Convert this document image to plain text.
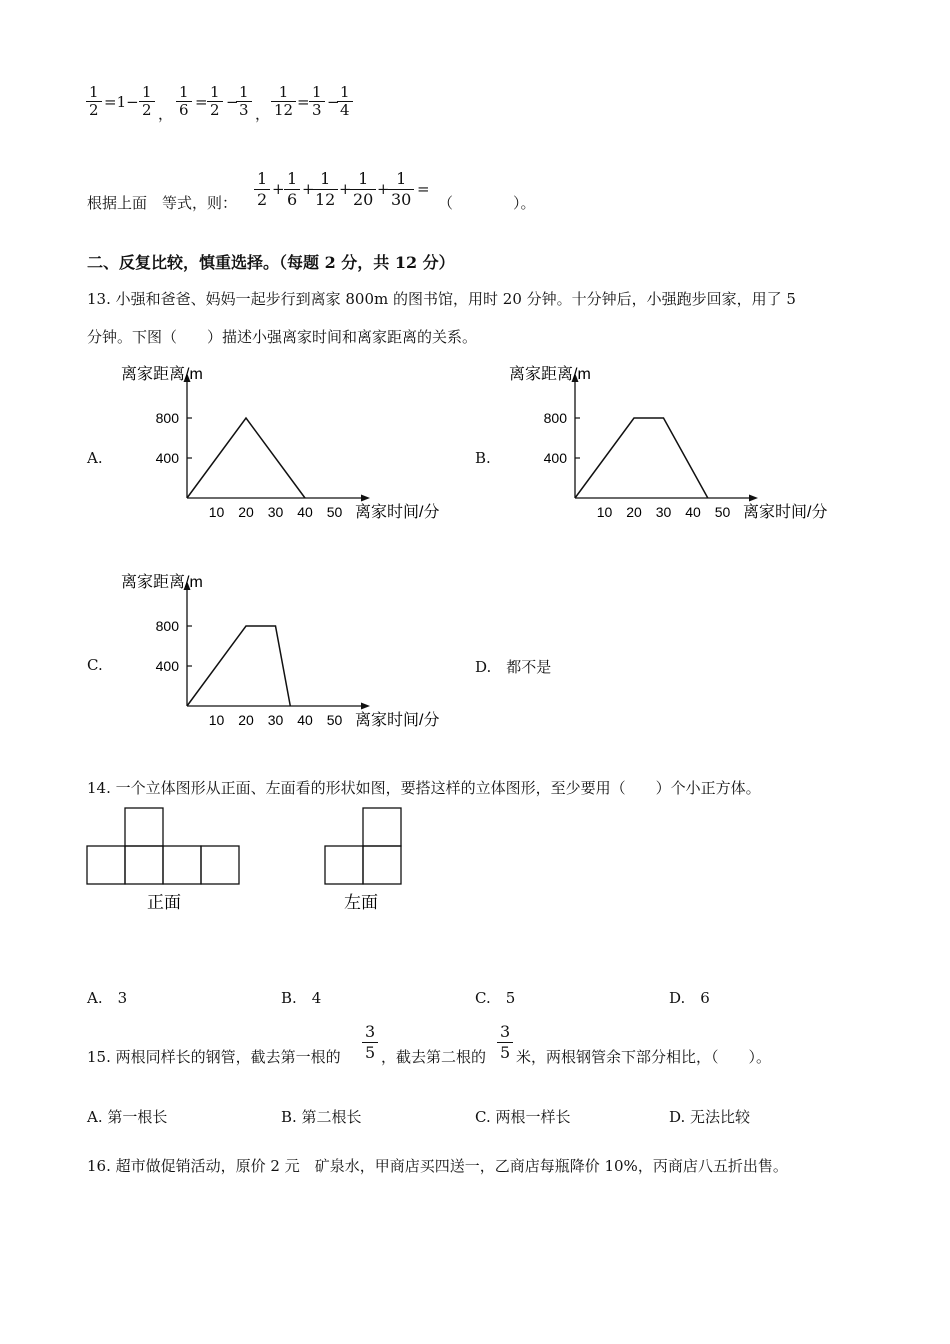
1
2 =1−
1
2 ，
1
6 =
1
2 −
1
3 ，
1
12 =
1
3 −
1
4
根据上面　等式，则：
1
2
+
1
6
+
1
12
+
1
20
+
1
30
=
（　　　　）。
二、反复比较，慎重选择。（每题 2 分，共 12 分）
13. 小强和爸爸、妈妈一起步行到离家 800m 的图书馆，用时 20 分钟。十分钟后，小强跑步回家，用了 5
分钟。下图（　　）描述小强离家时间和离家距离的关系。
A.	B.
C.	D.　都不是
离家距离/m
离家时间/分
400
800
10 20 30 40 50
离家距离/m
离家时间/分
400
800
10 20 30 40 50
离家距离/m
离家时间/分
400
800
10 20 30 40 50
14. 一个立体图形从正面、左面看的形状如图，要搭这样的立体图形，至少要用（　　）个小正方体。
正面	左面
A.　3	B.　4	C.　5	D.　6
15. 两根同样长的钢管，截去第一根的
3
5 ，截去第二根的
3
5 米，两根钢管余下部分相比，（　　）。
A. 第一根长	B. 第二根长	C. 两根一样长	D. 无法比较
16. 超市做促销活动，原价 2 元　矿泉水，甲商店买四送一，乙商店每瓶降价 10%，丙商店八五折出售。
